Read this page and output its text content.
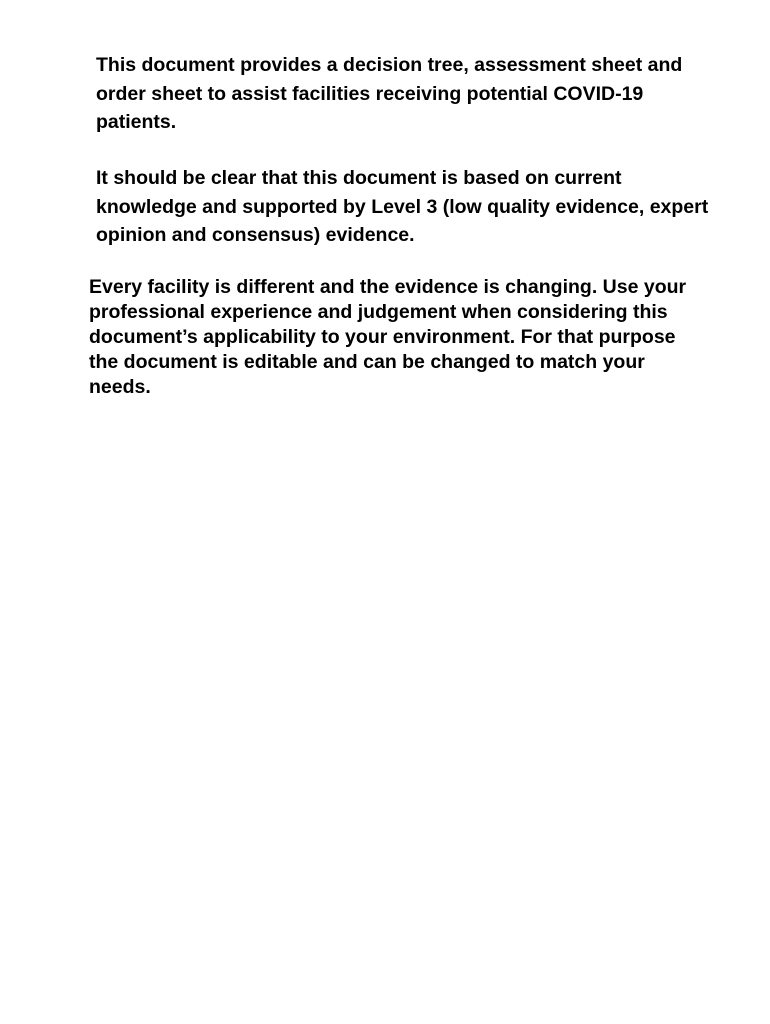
This document provides a decision tree, assessment sheet and
order sheet to assist facilities receiving potential COVID-19
patients.

It should be clear that this document is based on current
knowledge and supported by Level 3 (low quality evidence, expert
opinion and consensus) evidence.

Every facility is different and the evidence is changing. Use your
professional experience and judgement when considering this
document’s applicability to your environment. For that purpose
the document is editable and can be changed to match your
needs.
